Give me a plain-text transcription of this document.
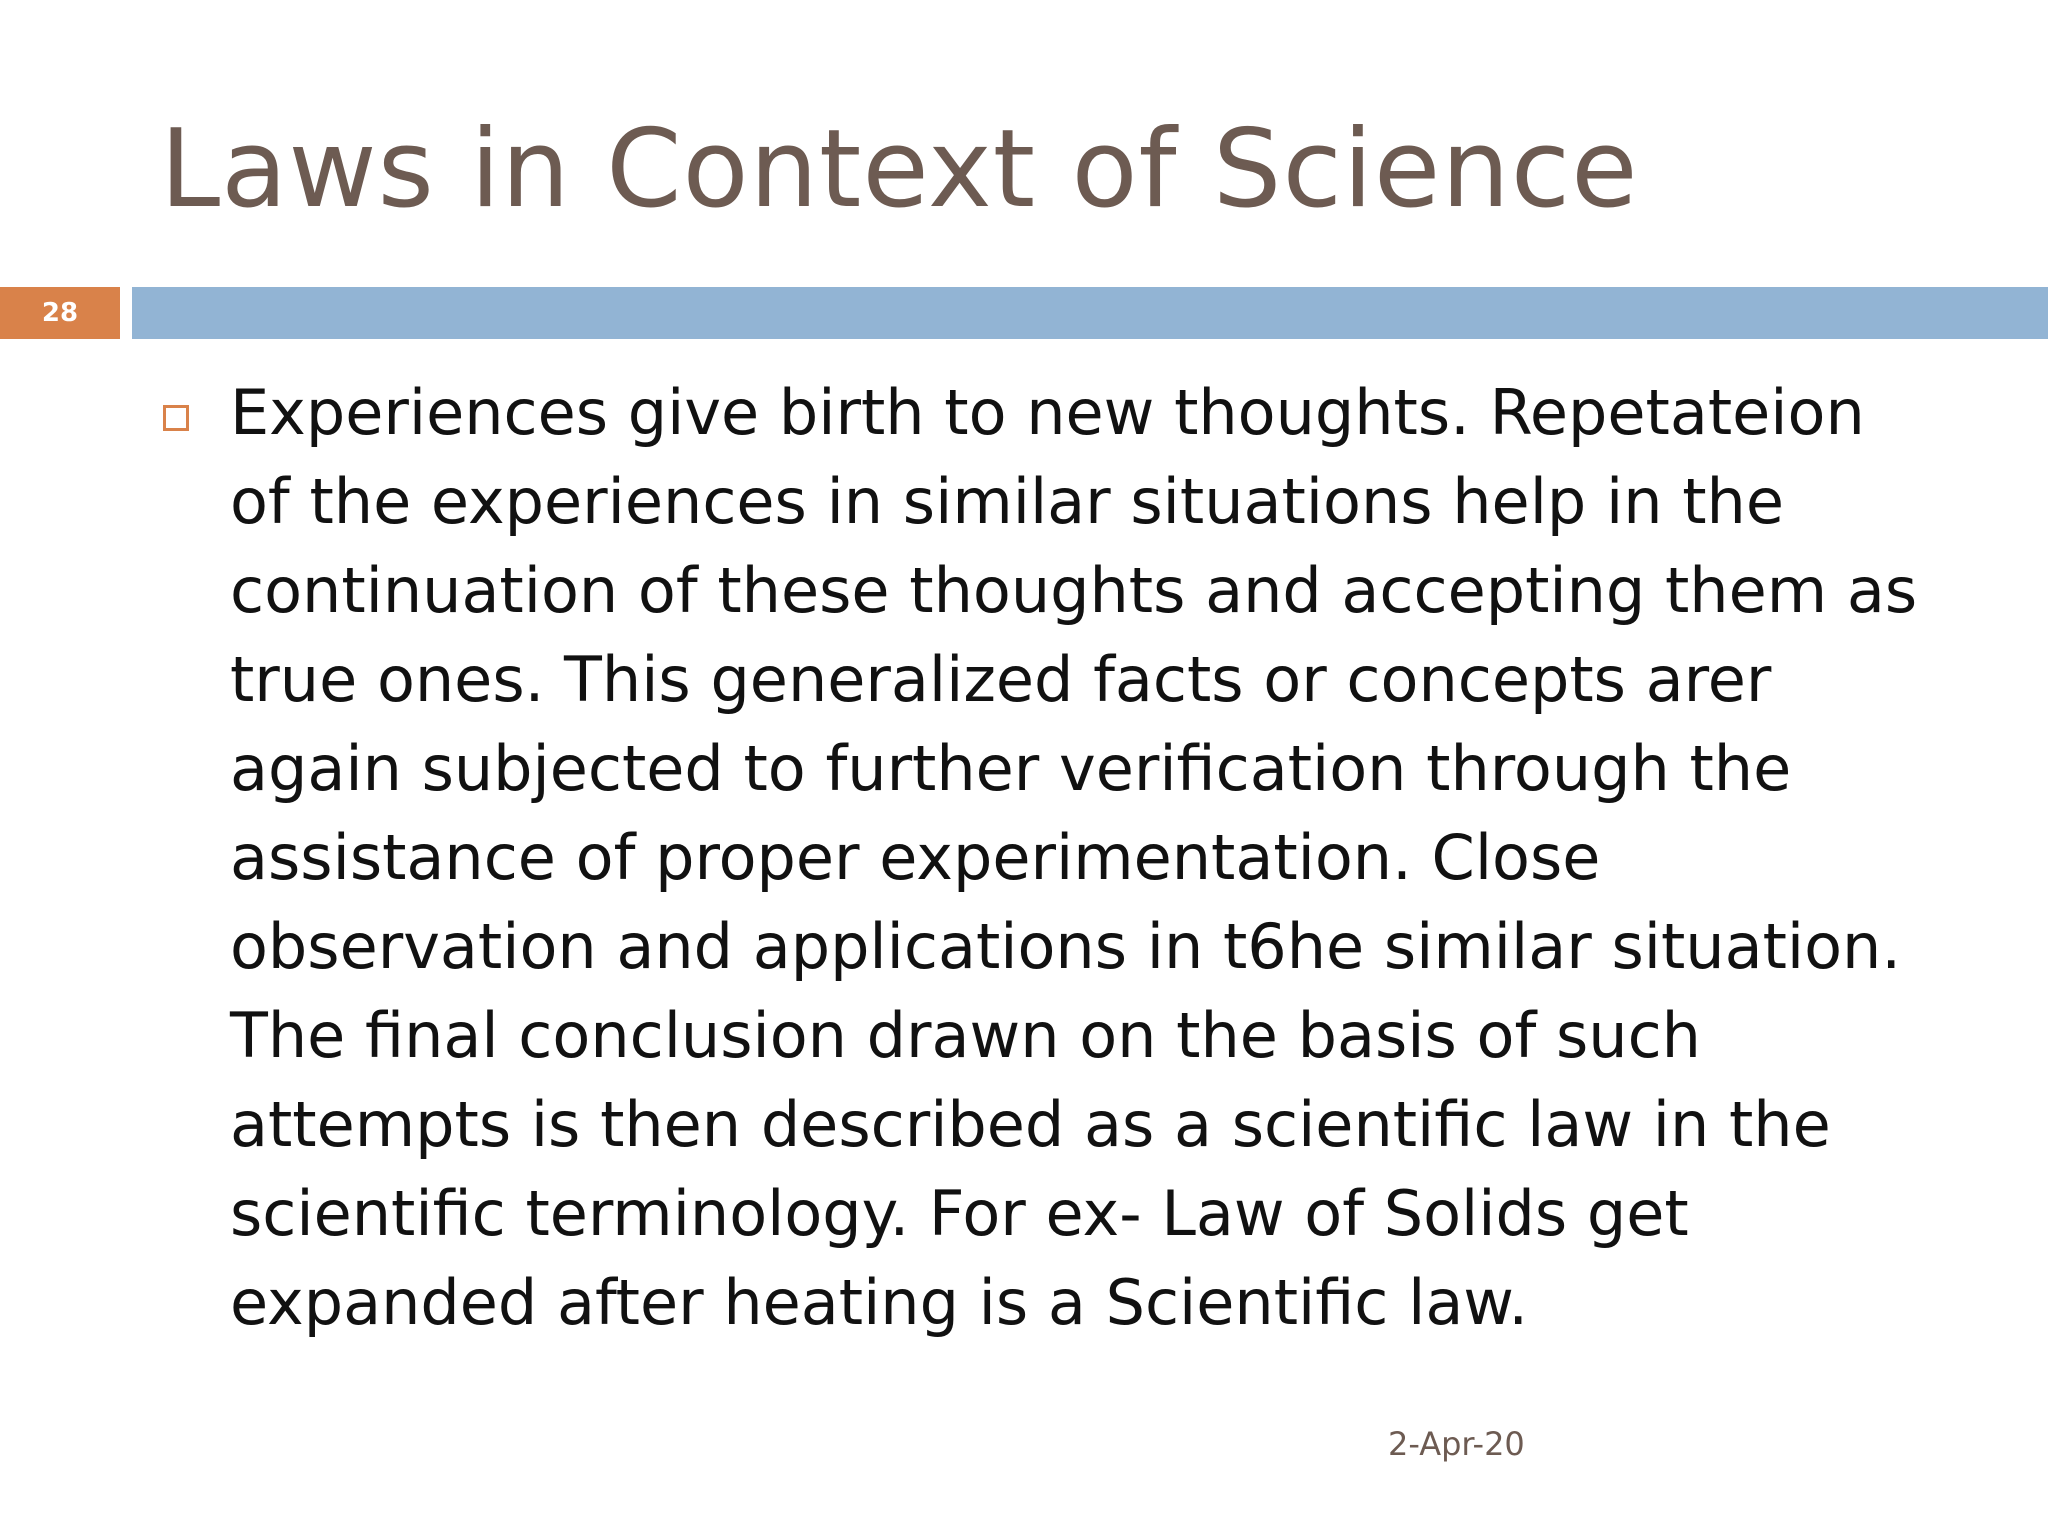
Laws in Context of Science
28
Experiences give birth to new thoughts. Repetateion of the experiences in similar situations help in the continuation of these thoughts and accepting them as true ones. This generalized facts or concepts arer again subjected to further verification through the assistance of proper experimentation. Close observation and applications in t6he similar situation. The final conclusion drawn on the basis of such attempts is then described as a scientific law in the scientific terminology. For ex- Law of Solids get expanded after heating is a Scientific law.
2-Apr-20
